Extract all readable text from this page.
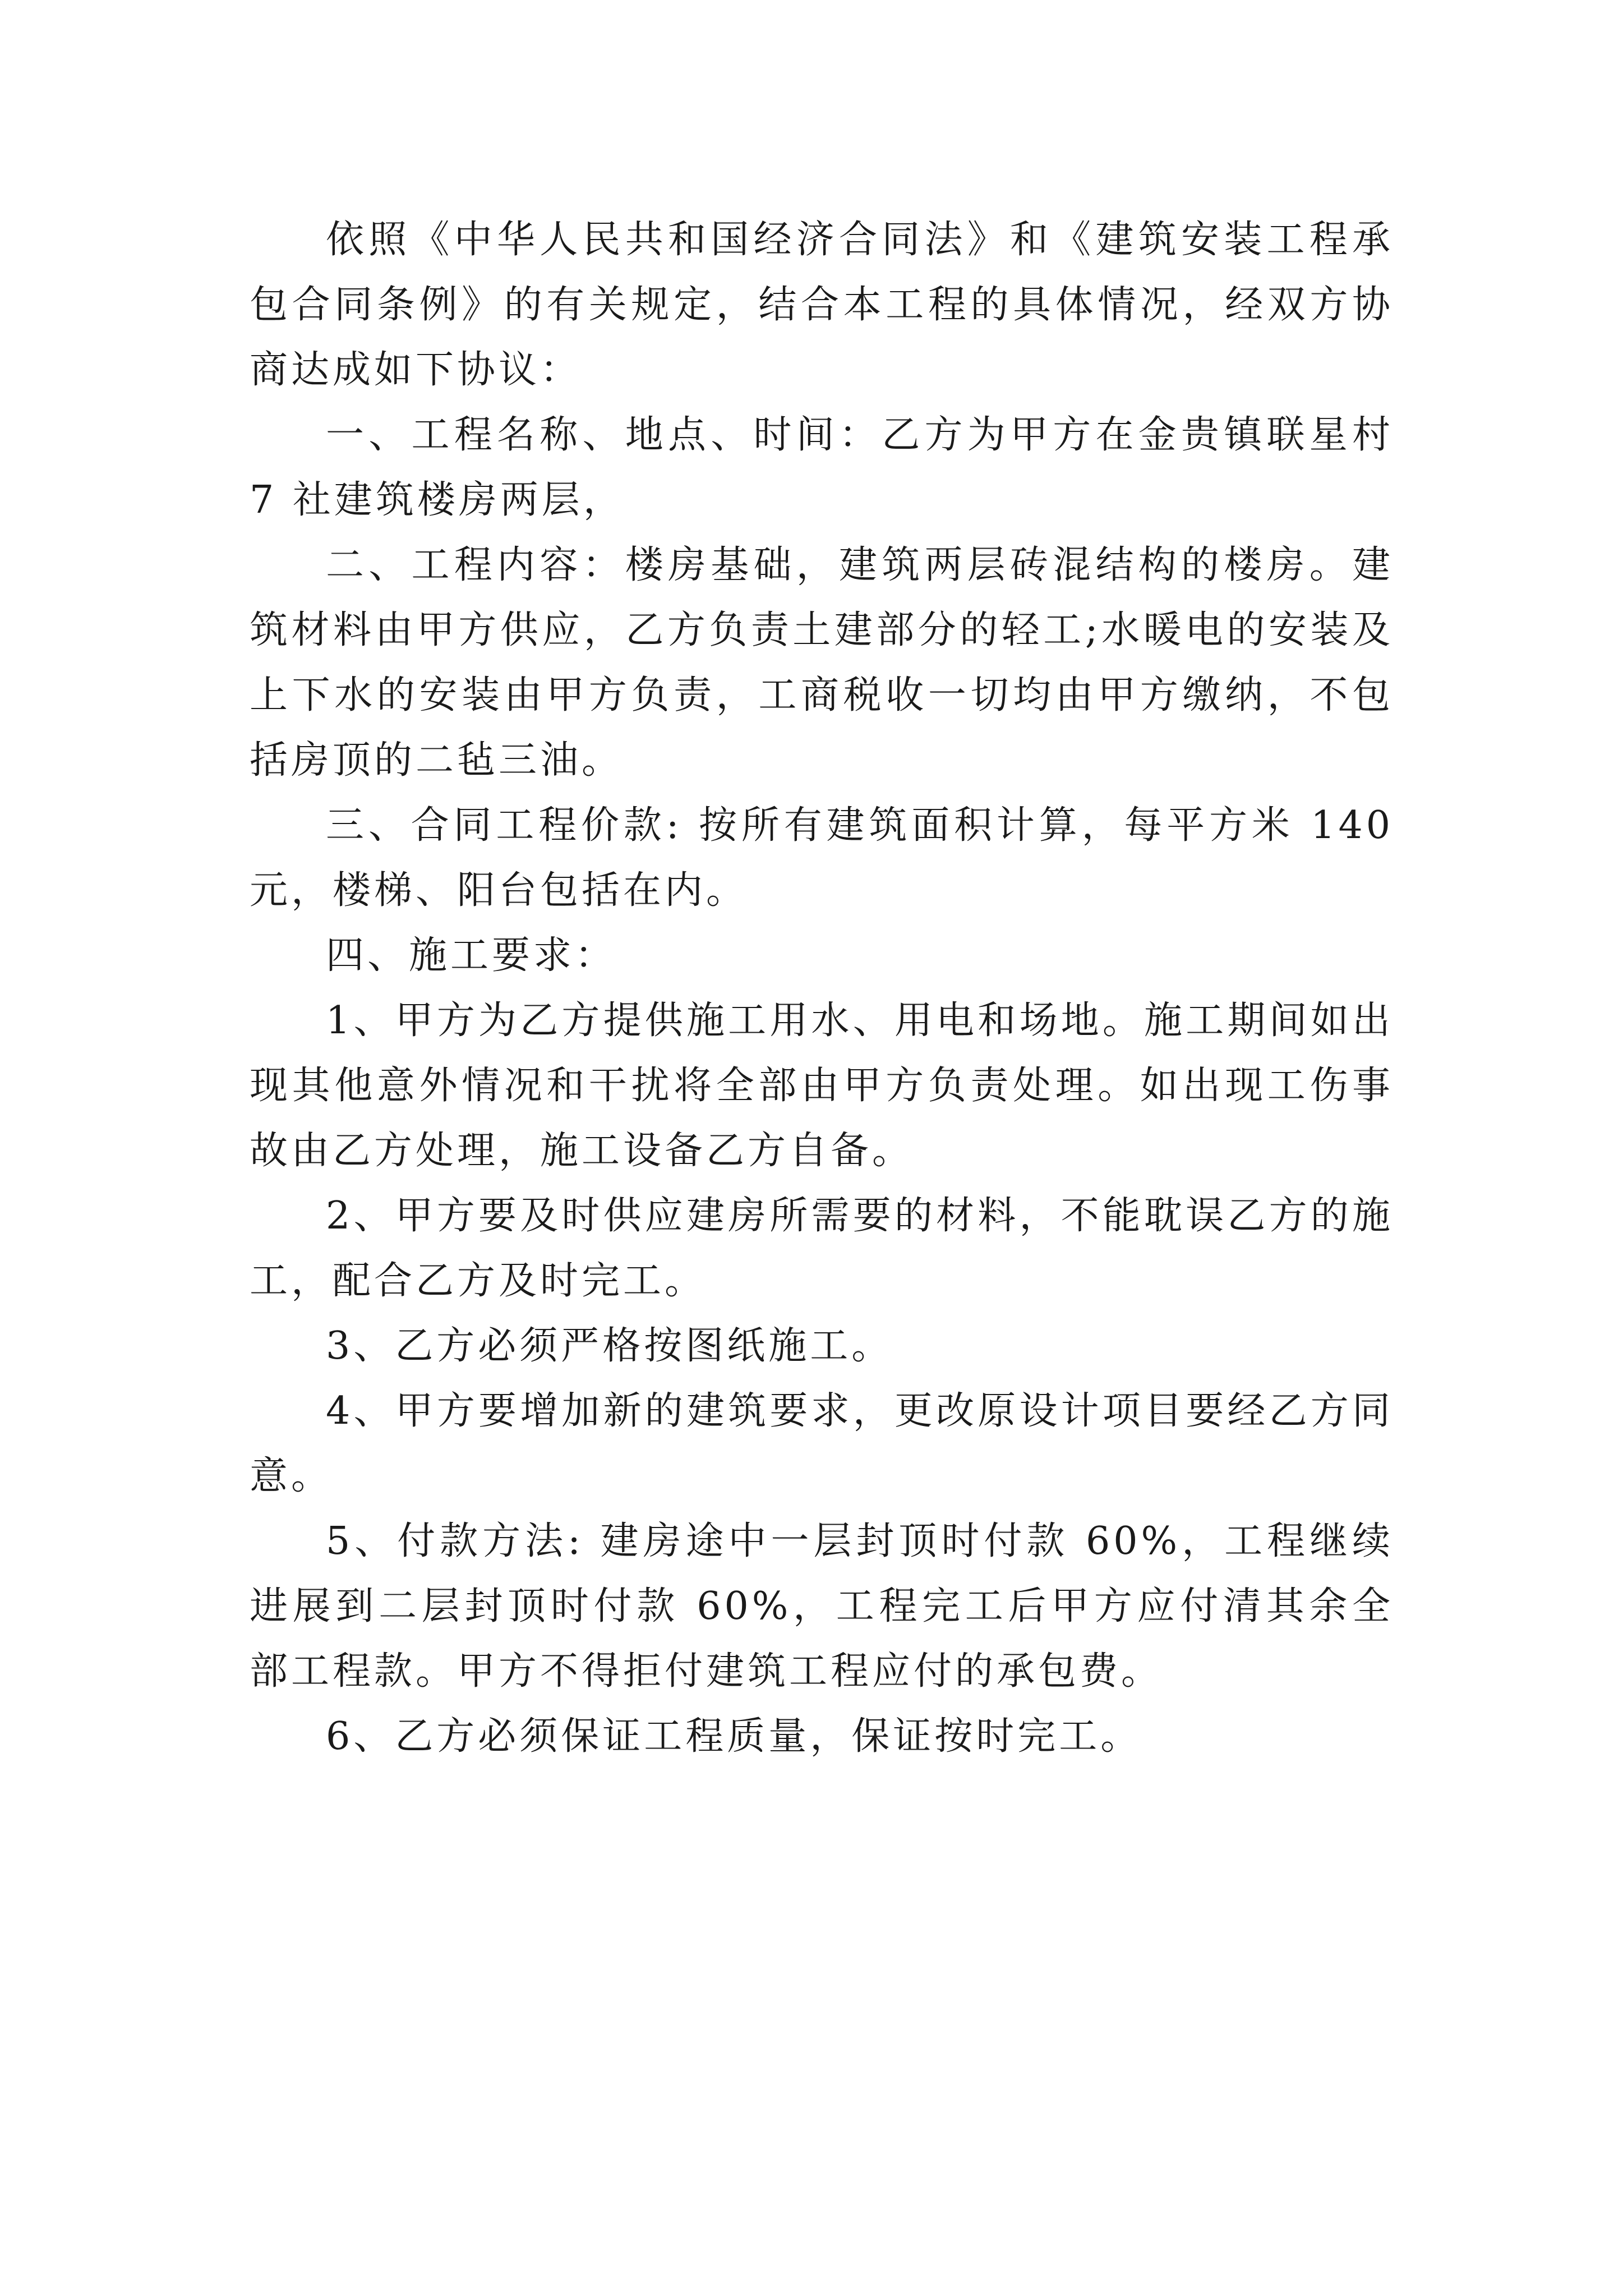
依照《中华人民共和国经济合同法》和《建筑安装工程承包合同条例》的有关规定，结合本工程的具体情况，经双方协商达成如下协议：

一、工程名称、地点、时间：乙方为甲方在金贵镇联星村 7 社建筑楼房两层，

二、工程内容：楼房基础，建筑两层砖混结构的楼房。建筑材料由甲方供应，乙方负责土建部分的轻工;水暖电的安装及上下水的安装由甲方负责，工商税收一切均由甲方缴纳，不包括房顶的二毡三油。

三、合同工程价款: 按所有建筑面积计算，每平方米 140 元，楼梯、阳台包括在内。

四、施工要求：

1、甲方为乙方提供施工用水、用电和场地。施工期间如出现其他意外情况和干扰将全部由甲方负责处理。如出现工伤事故由乙方处理，施工设备乙方自备。

2、甲方要及时供应建房所需要的材料，不能耽误乙方的施工，配合乙方及时完工。

3、乙方必须严格按图纸施工。

4、甲方要增加新的建筑要求，更改原设计项目要经乙方同意。

5、付款方法: 建房途中一层封顶时付款 60%，工程继续进展到二层封顶时付款 60%，工程完工后甲方应付清其余全部工程款。甲方不得拒付建筑工程应付的承包费。

6、乙方必须保证工程质量，保证按时完工。
